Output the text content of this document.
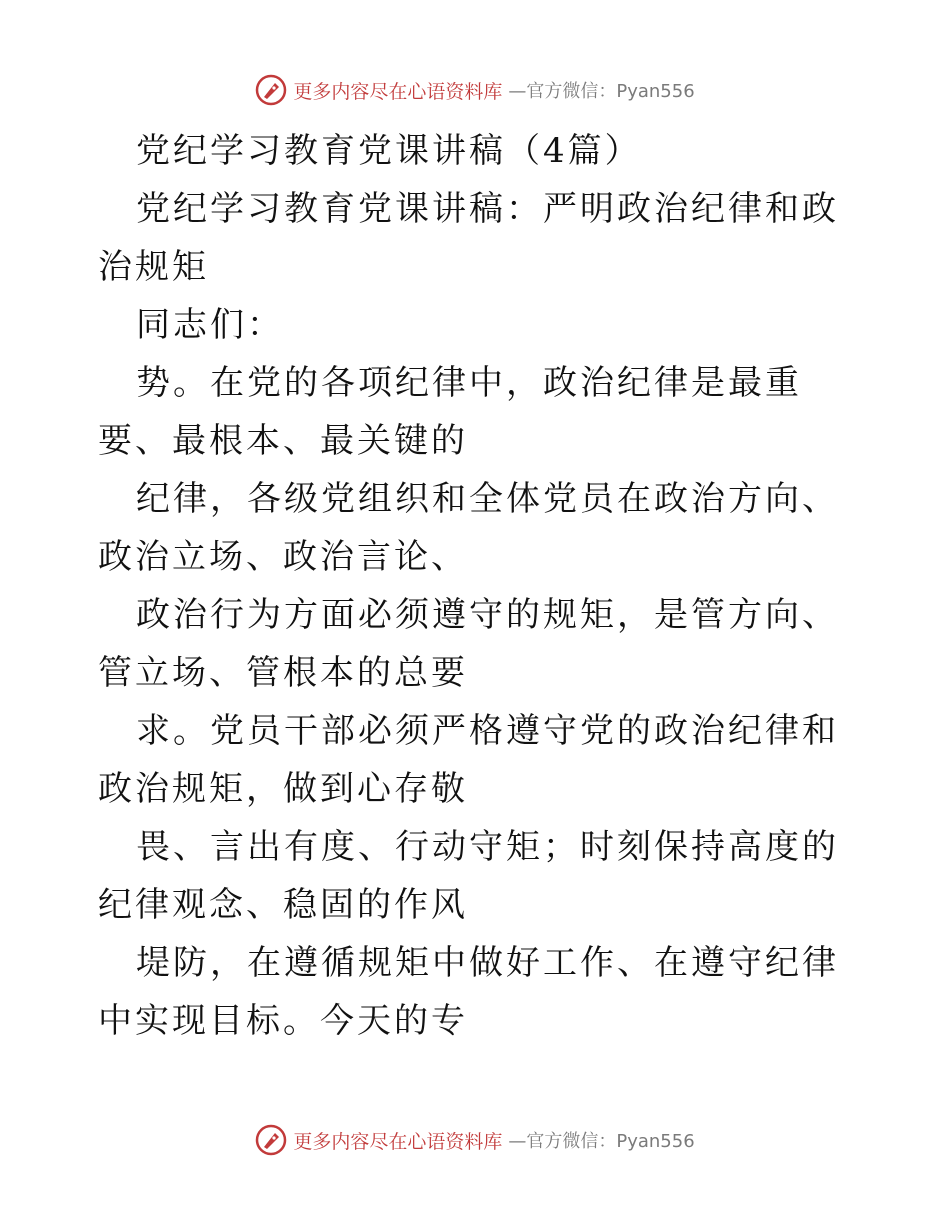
更多内容尽在心语资料库 —官方微信：Pyan556

党纪学习教育党课讲稿（4篇）

党纪学习教育党课讲稿：严明政治纪律和政治规矩

同志们：

势。在党的各项纪律中，政治纪律是最重要、最根本、最关键的

纪律，各级党组织和全体党员在政治方向、政治立场、政治言论、

政治行为方面必须遵守的规矩，是管方向、管立场、管根本的总要

求。党员干部必须严格遵守党的政治纪律和政治规矩，做到心存敬

畏、言出有度、行动守矩；时刻保持高度的纪律观念、稳固的作风

堤防，在遵循规矩中做好工作、在遵守纪律中实现目标。今天的专

更多内容尽在心语资料库 —官方微信：Pyan556
